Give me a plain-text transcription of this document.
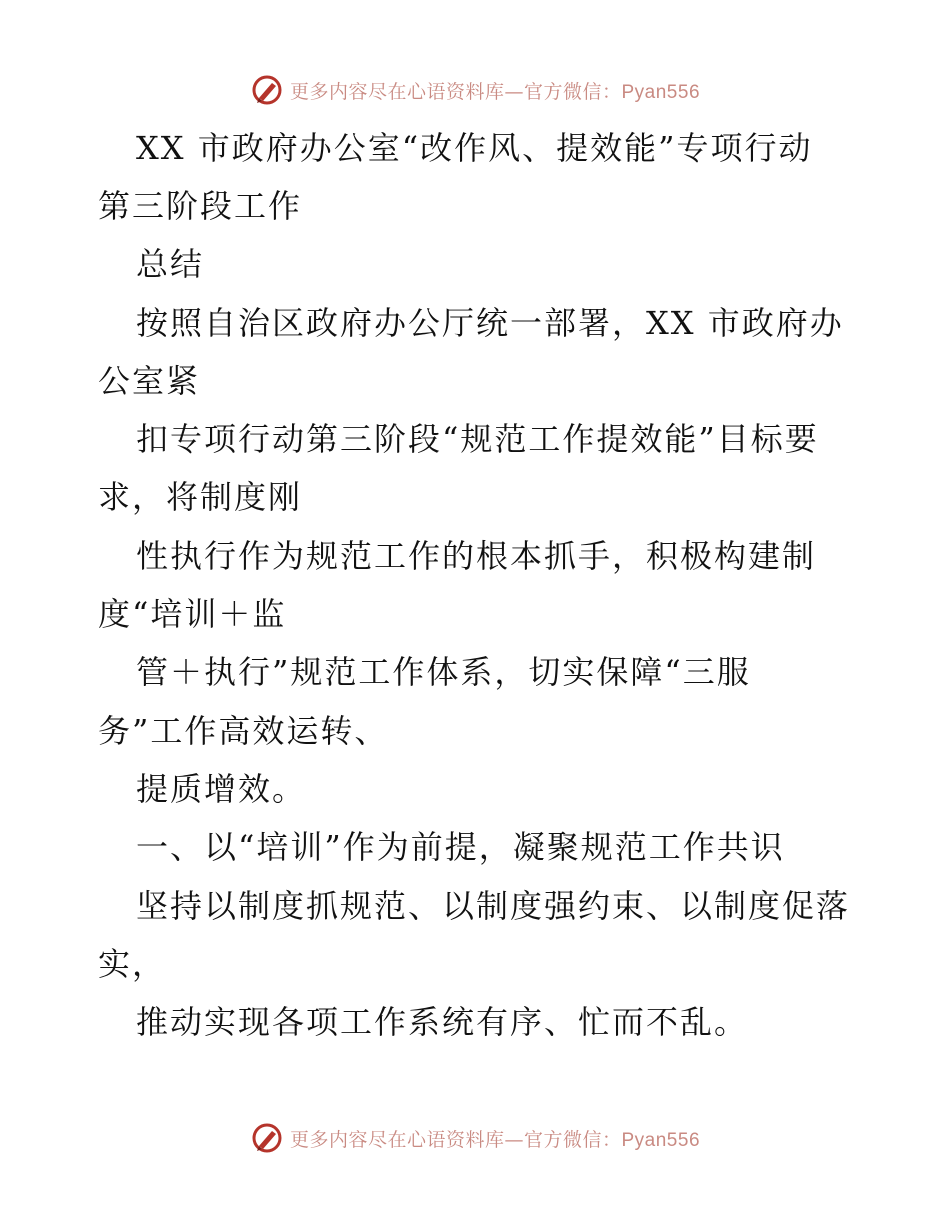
更多内容尽在心语资料库—官方微信：Pyan556
XX 市政府办公室“改作风、提效能”专项行动
第三阶段工作
总结
按照自治区政府办公厅统一部署，XX 市政府办
公室紧
扣专项行动第三阶段“规范工作提效能”目标要
求，将制度刚
性执行作为规范工作的根本抓手，积极构建制
度“培训＋监
管＋执行”规范工作体系，切实保障“三服
务”工作高效运转、
提质增效。
一、以“培训”作为前提，凝聚规范工作共识
坚持以制度抓规范、以制度强约束、以制度促落
实，
推动实现各项工作系统有序、忙而不乱。
更多内容尽在心语资料库—官方微信：Pyan556
